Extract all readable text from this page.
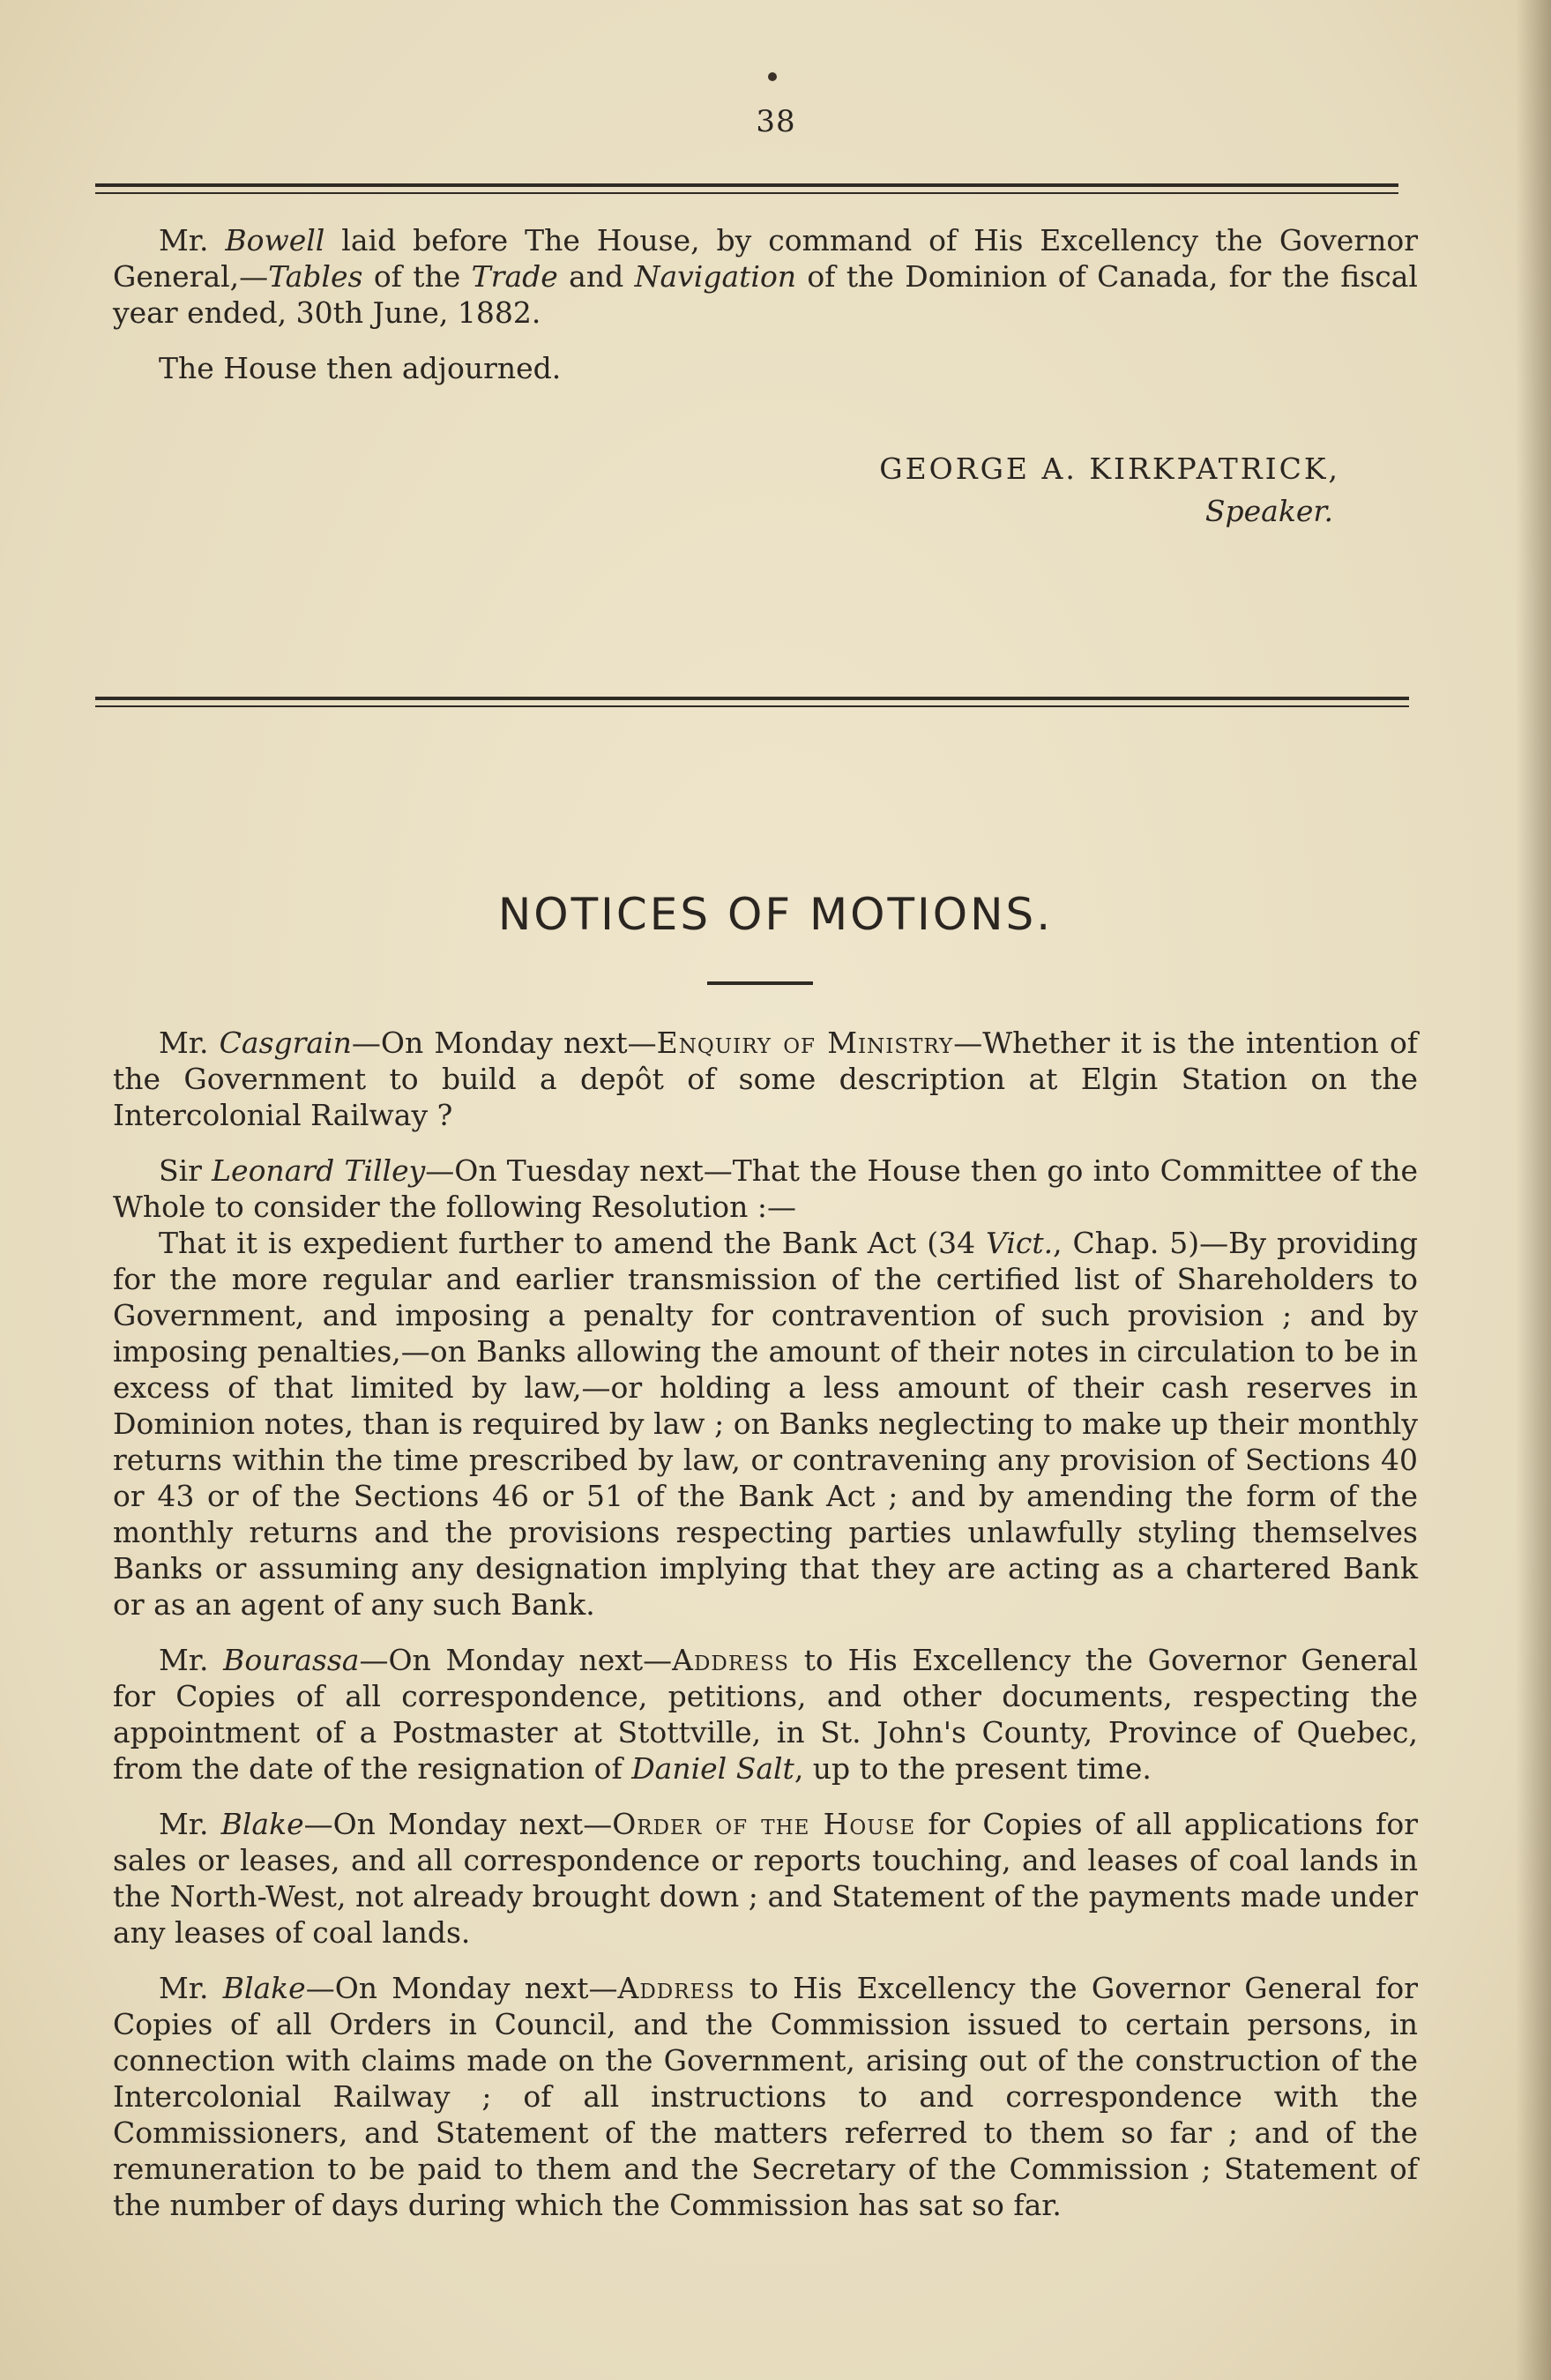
38

Mr. Bowell laid before The House, by command of His Excellency the Governor General,—Tables of the Trade and Navigation of the Dominion of Canada, for the fiscal year ended, 30th June, 1882.

The House then adjourned.

GEORGE A. KIRKPATRICK,
Speaker.
NOTICES OF MOTIONS.

Mr. Casgrain—On Monday next—Enquiry of Ministry—Whether it is the intention of the Government to build a depôt of some description at Elgin Station on the Intercolonial Railway ?

Sir Leonard Tilley—On Tuesday next—That the House then go into Committee of the Whole to consider the following Resolution :—

That it is expedient further to amend the Bank Act (34 Vict., Chap. 5)—By providing for the more regular and earlier transmission of the certified list of Shareholders to Government, and imposing a penalty for contravention of such provision ; and by imposing penalties,—on Banks allowing the amount of their notes in circulation to be in excess of that limited by law,—or holding a less amount of their cash reserves in Dominion notes, than is required by law ; on Banks neglecting to make up their monthly returns within the time prescribed by law, or contravening any provision of Sections 40 or 43 or of the Sections 46 or 51 of the Bank Act ; and by amending the form of the monthly returns and the provisions respecting parties unlawfully styling themselves Banks or assuming any designation implying that they are acting as a chartered Bank or as an agent of any such Bank.

Mr. Bourassa—On Monday next—Address to His Excellency the Governor General for Copies of all correspondence, petitions, and other documents, respecting the appointment of a Postmaster at Stottville, in St. John's County, Province of Quebec, from the date of the resignation of Daniel Salt, up to the present time.

Mr. Blake—On Monday next—Order of the House for Copies of all applications for sales or leases, and all correspondence or reports touching, and leases of coal lands in the North-West, not already brought down ; and Statement of the payments made under any leases of coal lands.

Mr. Blake—On Monday next—Address to His Excellency the Governor General for Copies of all Orders in Council, and the Commission issued to certain persons, in connection with claims made on the Government, arising out of the construction of the Intercolonial Railway ; of all instructions to and correspondence with the Commissioners, and Statement of the matters referred to them so far ; and of the remuneration to be paid to them and the Secretary of the Commission ; Statement of the number of days during which the Commission has sat so far.
